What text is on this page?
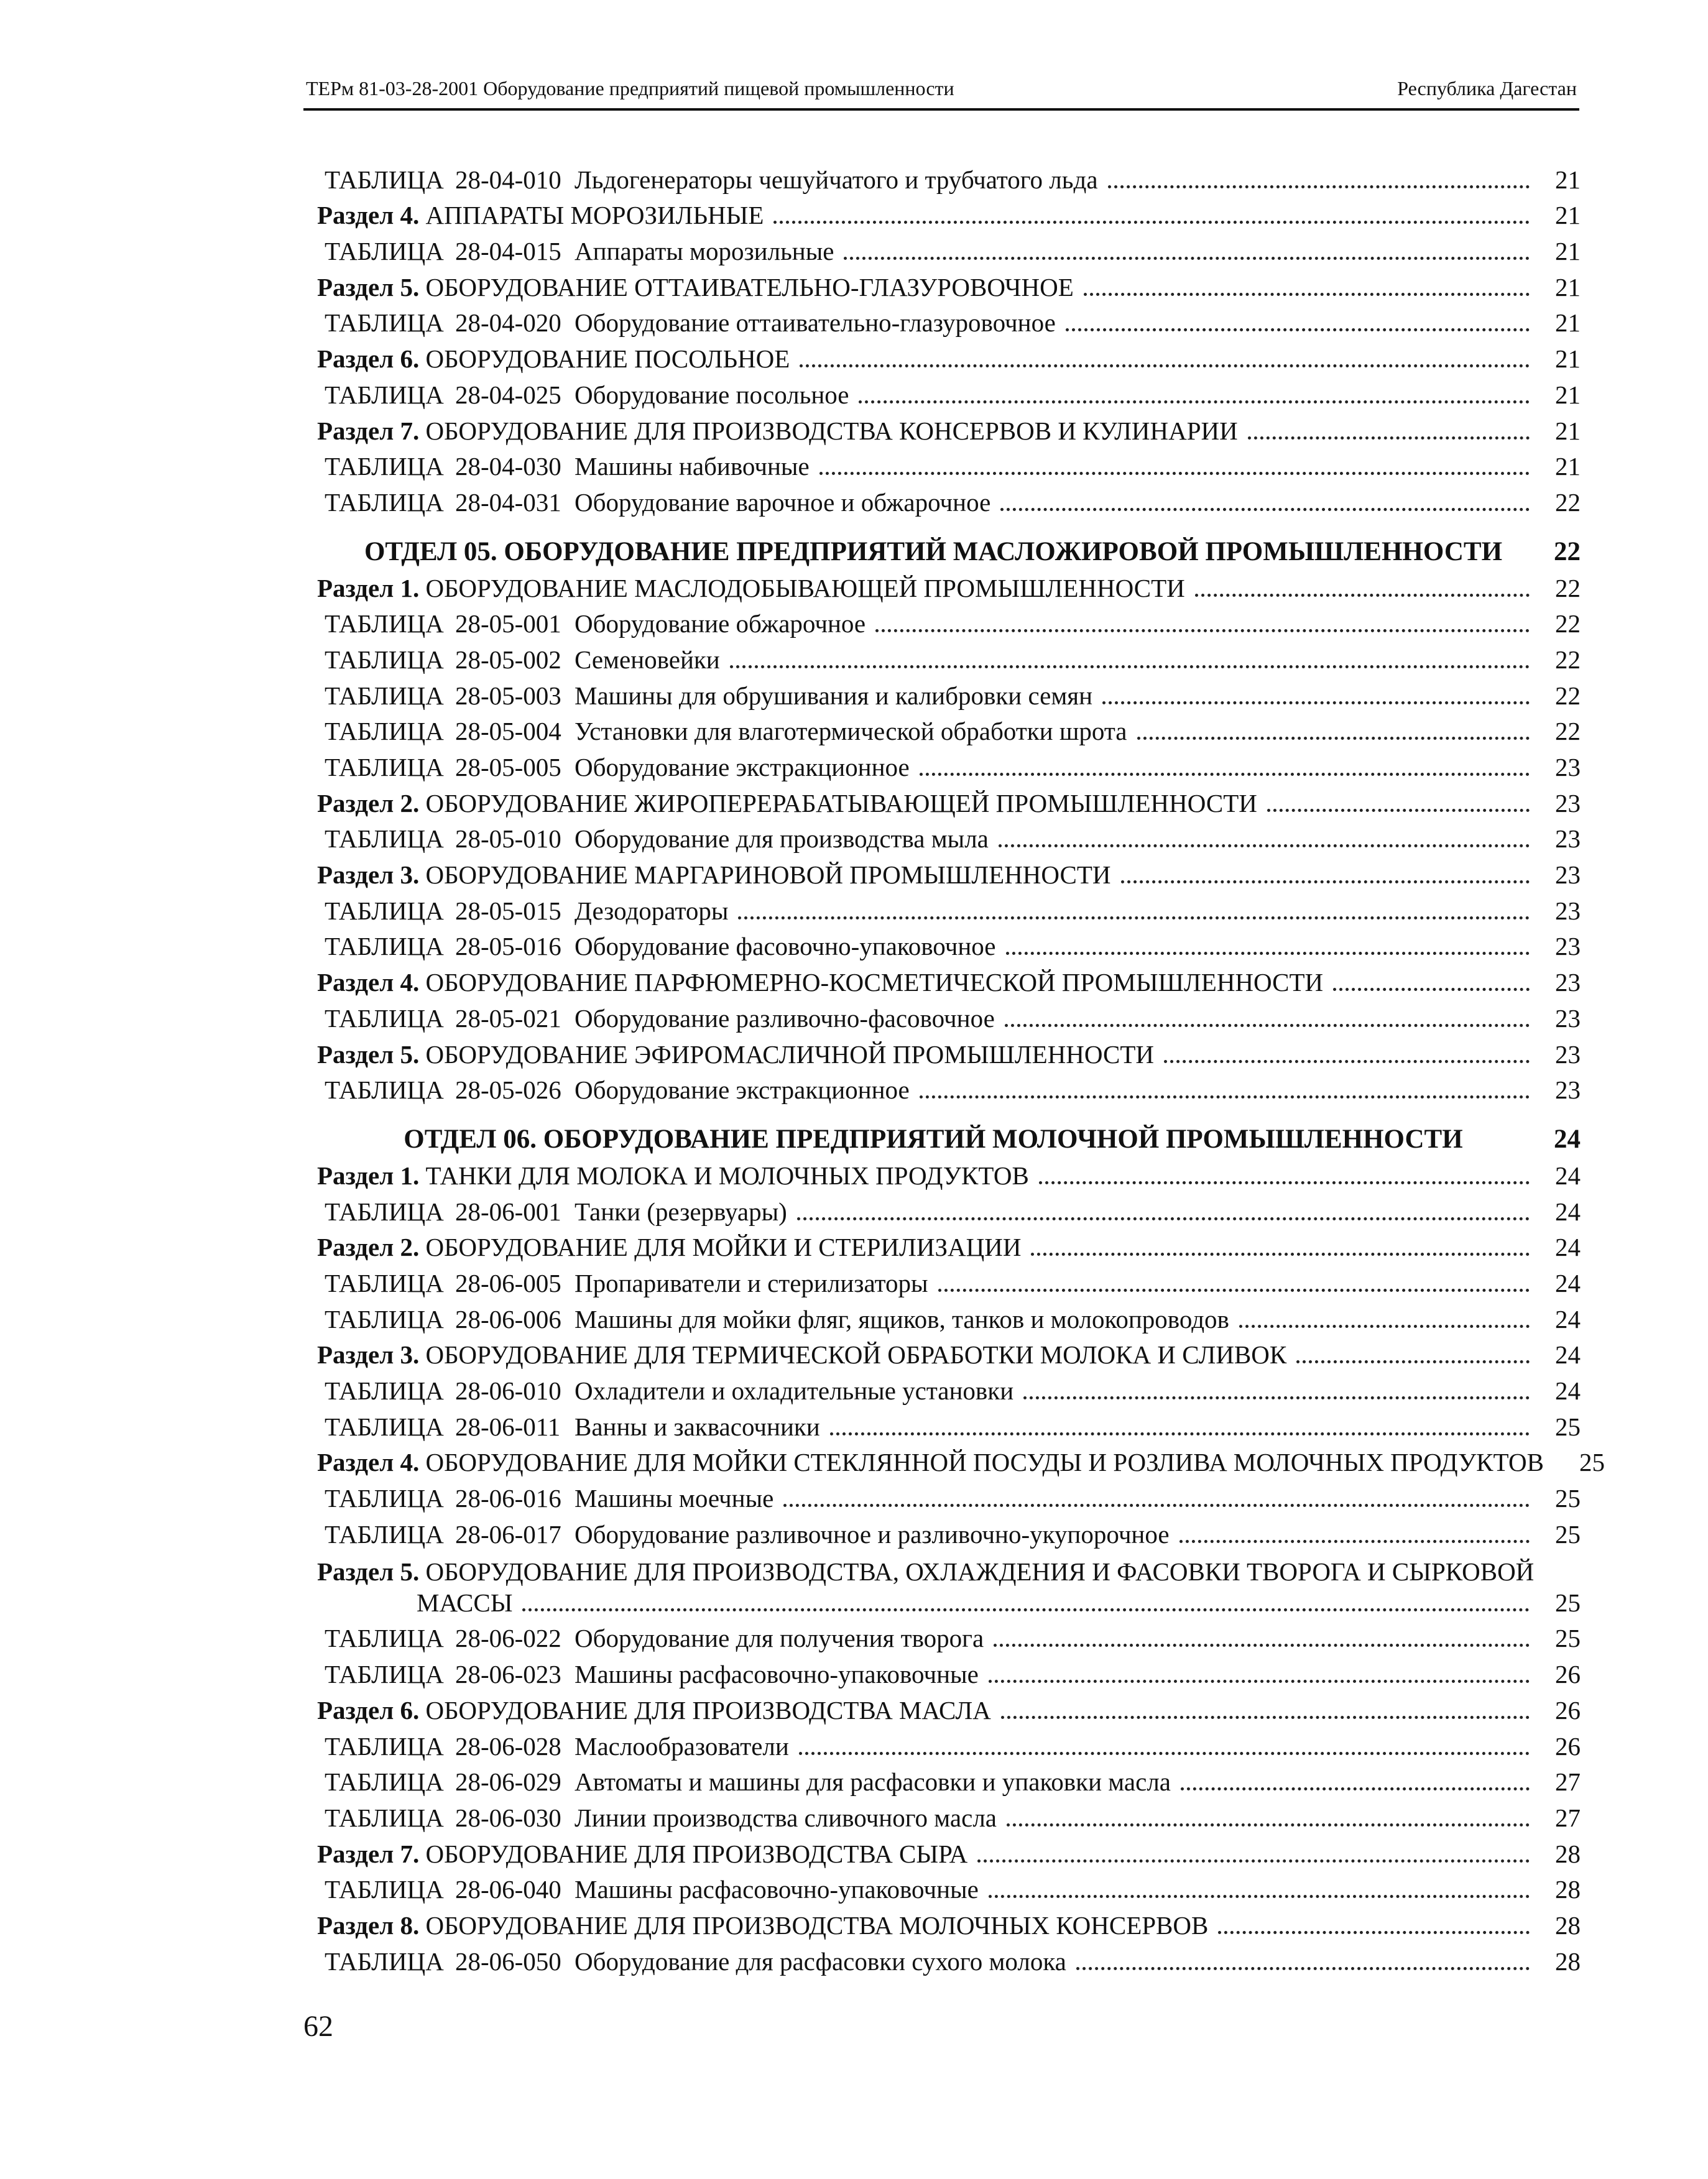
ТЕРм 81-03-28-2001 Оборудование предприятий пищевой промышленности	Республика Дагестан
ТАБЛИЦА 28-04-010 Льдогенераторы чешуйчатого и трубчатого льда	21
Раздел 4. АППАРАТЫ МОРОЗИЛЬНЫЕ	21
ТАБЛИЦА 28-04-015 Аппараты морозильные	21
Раздел 5. ОБОРУДОВАНИЕ ОТТАИВАТЕЛЬНО-ГЛАЗУРОВОЧНОЕ	21
ТАБЛИЦА 28-04-020 Оборудование оттаивательно-глазуровочное	21
Раздел 6. ОБОРУДОВАНИЕ ПОСОЛЬНОЕ	21
ТАБЛИЦА 28-04-025 Оборудование посольное	21
Раздел 7. ОБОРУДОВАНИЕ ДЛЯ ПРОИЗВОДСТВА КОНСЕРВОВ И КУЛИНАРИИ	21
ТАБЛИЦА 28-04-030 Машины набивочные	21
ТАБЛИЦА 28-04-031 Оборудование варочное и обжарочное	22
ОТДЕЛ 05. ОБОРУДОВАНИЕ ПРЕДПРИЯТИЙ МАСЛОЖИРОВОЙ ПРОМЫШЛЕННОСТИ	22
Раздел 1. ОБОРУДОВАНИЕ МАСЛОДОБЫВАЮЩЕЙ ПРОМЫШЛЕННОСТИ	22
ТАБЛИЦА 28-05-001 Оборудование обжарочное	22
ТАБЛИЦА 28-05-002 Семеновейки	22
ТАБЛИЦА 28-05-003 Машины для обрушивания и калибровки семян	22
ТАБЛИЦА 28-05-004 Установки для влаготермической обработки шрота	22
ТАБЛИЦА 28-05-005 Оборудование экстракционное	23
Раздел 2. ОБОРУДОВАНИЕ ЖИРОПЕРЕРАБАТЫВАЮЩЕЙ ПРОМЫШЛЕННОСТИ	23
ТАБЛИЦА 28-05-010 Оборудование для производства мыла	23
Раздел 3. ОБОРУДОВАНИЕ МАРГАРИНОВОЙ ПРОМЫШЛЕННОСТИ	23
ТАБЛИЦА 28-05-015 Дезодораторы	23
ТАБЛИЦА 28-05-016 Оборудование фасовочно-упаковочное	23
Раздел 4. ОБОРУДОВАНИЕ ПАРФЮМЕРНО-КОСМЕТИЧЕСКОЙ ПРОМЫШЛЕННОСТИ	23
ТАБЛИЦА 28-05-021 Оборудование разливочно-фасовочное	23
Раздел 5. ОБОРУДОВАНИЕ ЭФИРОМАСЛИЧНОЙ ПРОМЫШЛЕННОСТИ	23
ТАБЛИЦА 28-05-026 Оборудование экстракционное	23
ОТДЕЛ 06. ОБОРУДОВАНИЕ ПРЕДПРИЯТИЙ МОЛОЧНОЙ ПРОМЫШЛЕННОСТИ	24
Раздел 1. ТАНКИ ДЛЯ МОЛОКА И МОЛОЧНЫХ ПРОДУКТОВ	24
ТАБЛИЦА 28-06-001 Танки (резервуары)	24
Раздел 2. ОБОРУДОВАНИЕ ДЛЯ МОЙКИ И СТЕРИЛИЗАЦИИ	24
ТАБЛИЦА 28-06-005 Пропариватели и стерилизаторы	24
ТАБЛИЦА 28-06-006 Машины для мойки фляг, ящиков, танков и молокопроводов	24
Раздел 3. ОБОРУДОВАНИЕ ДЛЯ ТЕРМИЧЕСКОЙ ОБРАБОТКИ МОЛОКА И СЛИВОК	24
ТАБЛИЦА 28-06-010 Охладители и охладительные установки	24
ТАБЛИЦА 28-06-011 Ванны и заквасочники	25
Раздел 4. ОБОРУДОВАНИЕ ДЛЯ МОЙКИ СТЕКЛЯННОЙ ПОСУДЫ И РОЗЛИВА МОЛОЧНЫХ ПРОДУКТОВ	25
ТАБЛИЦА 28-06-016 Машины моечные	25
ТАБЛИЦА 28-06-017 Оборудование разливочное и разливочно-укупорочное	25
Раздел 5. ОБОРУДОВАНИЕ ДЛЯ ПРОИЗВОДСТВА, ОХЛАЖДЕНИЯ И ФАСОВКИ ТВОРОГА И СЫРКОВОЙ
МАССЫ	25
ТАБЛИЦА 28-06-022 Оборудование для получения творога	25
ТАБЛИЦА 28-06-023 Машины расфасовочно-упаковочные	26
Раздел 6. ОБОРУДОВАНИЕ ДЛЯ ПРОИЗВОДСТВА МАСЛА	26
ТАБЛИЦА 28-06-028 Маслообразователи	26
ТАБЛИЦА 28-06-029 Автоматы и машины для расфасовки и упаковки масла	27
ТАБЛИЦА 28-06-030 Линии производства сливочного масла	27
Раздел 7. ОБОРУДОВАНИЕ ДЛЯ ПРОИЗВОДСТВА СЫРА	28
ТАБЛИЦА 28-06-040 Машины расфасовочно-упаковочные	28
Раздел 8. ОБОРУДОВАНИЕ ДЛЯ ПРОИЗВОДСТВА МОЛОЧНЫХ КОНСЕРВОВ	28
ТАБЛИЦА 28-06-050 Оборудование для расфасовки сухого молока	28
62
